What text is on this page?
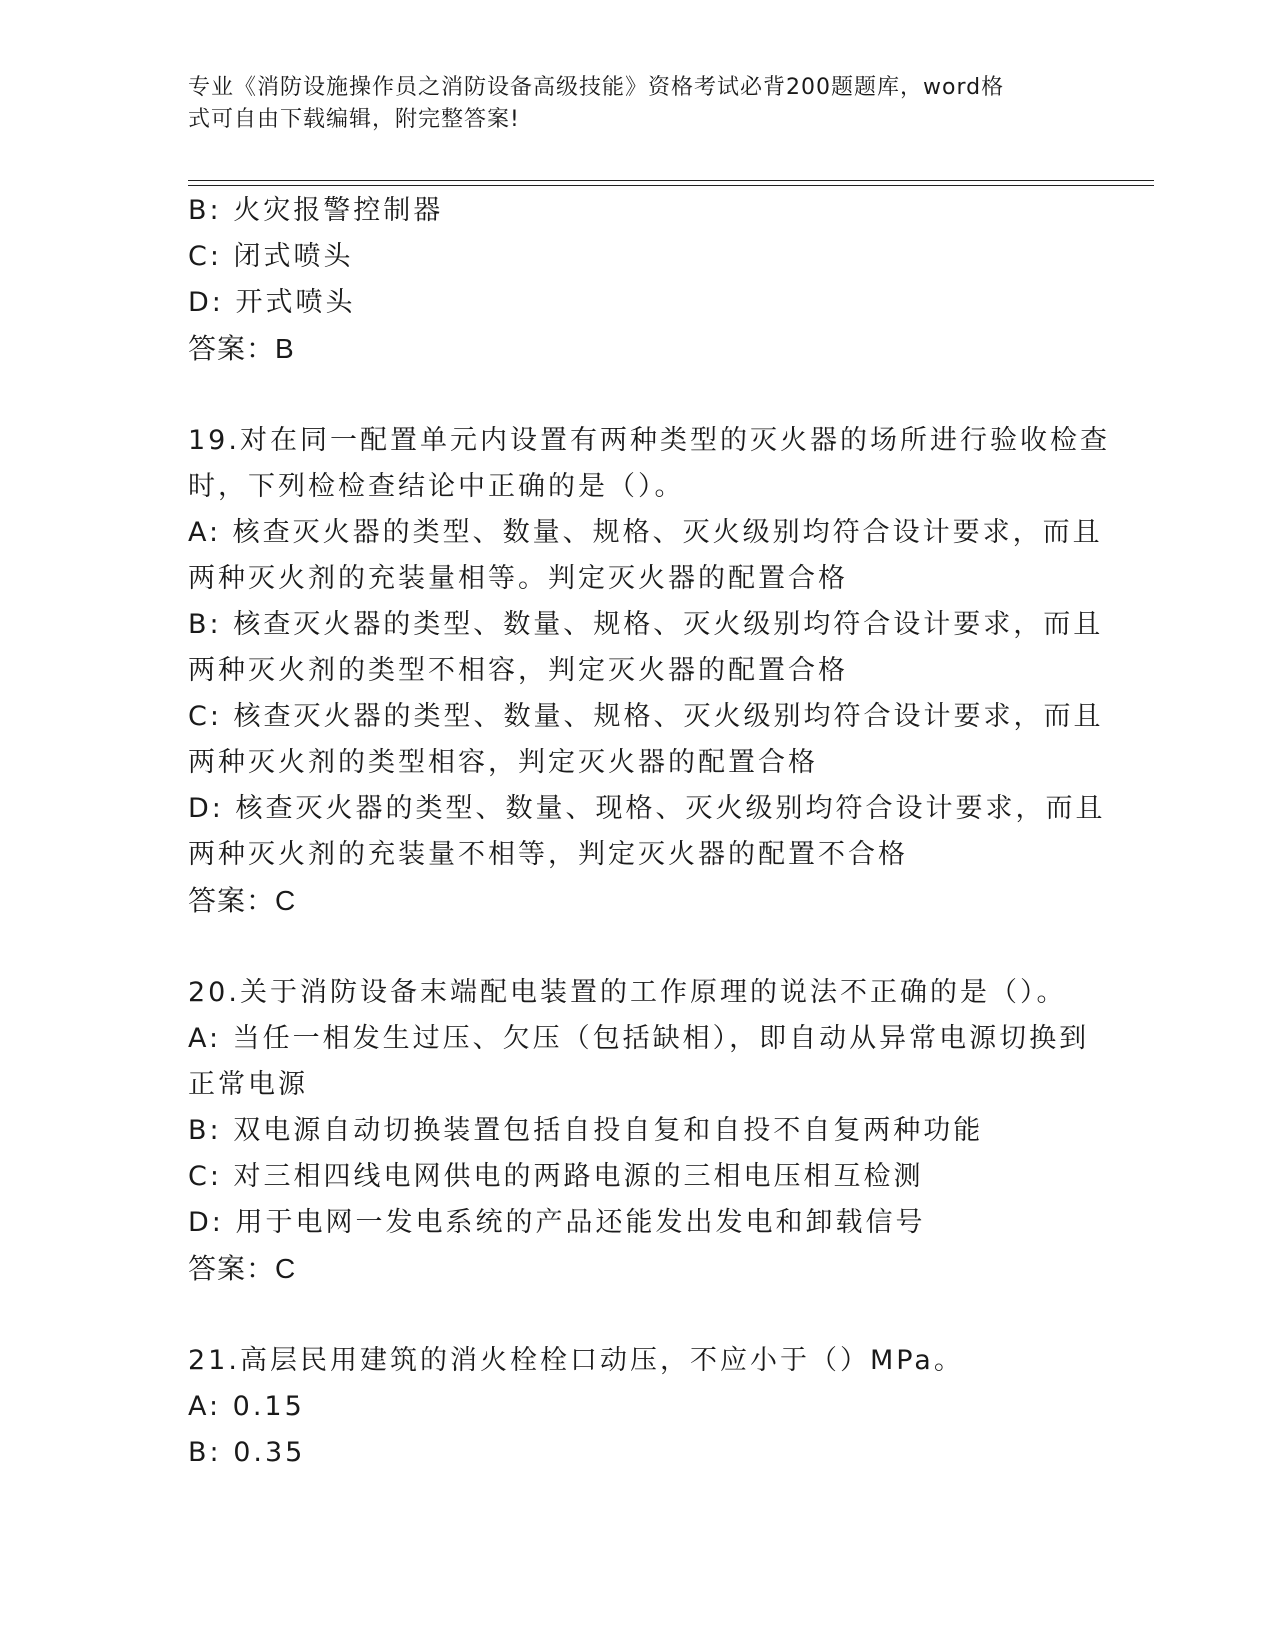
专业《消防设施操作员之消防设备高级技能》资格考试必背200题题库，word格
式可自由下载编辑，附完整答案!
B: 火灾报警控制器
C: 闭式喷头
D: 开式喷头
答案：B
19.对在同一配置单元内设置有两种类型的灭火器的场所进行验收检查
时，下列检检查结论中正确的是（）。
A: 核查灭火器的类型、数量、规格、灭火级别均符合设计要求，而且
两种灭火剂的充装量相等。判定灭火器的配置合格
B: 核查灭火器的类型、数量、规格、灭火级别均符合设计要求，而且
两种灭火剂的类型不相容，判定灭火器的配置合格
C: 核查灭火器的类型、数量、规格、灭火级别均符合设计要求，而且
两种灭火剂的类型相容，判定灭火器的配置合格
D: 核查灭火器的类型、数量、现格、灭火级别均符合设计要求，而且
两种灭火剂的充装量不相等，判定灭火器的配置不合格
答案：C
20.关于消防设备末端配电装置的工作原理的说法不正确的是（）。
A: 当任一相发生过压、欠压（包括缺相），即自动从异常电源切换到
正常电源
B: 双电源自动切换装置包括自投自复和自投不自复两种功能
C: 对三相四线电网供电的两路电源的三相电压相互检测
D: 用于电网一发电系统的产品还能发出发电和卸载信号
答案：C
21.高层民用建筑的消火栓栓口动压，不应小于（）MPa。
A: 0.15
B: 0.35
